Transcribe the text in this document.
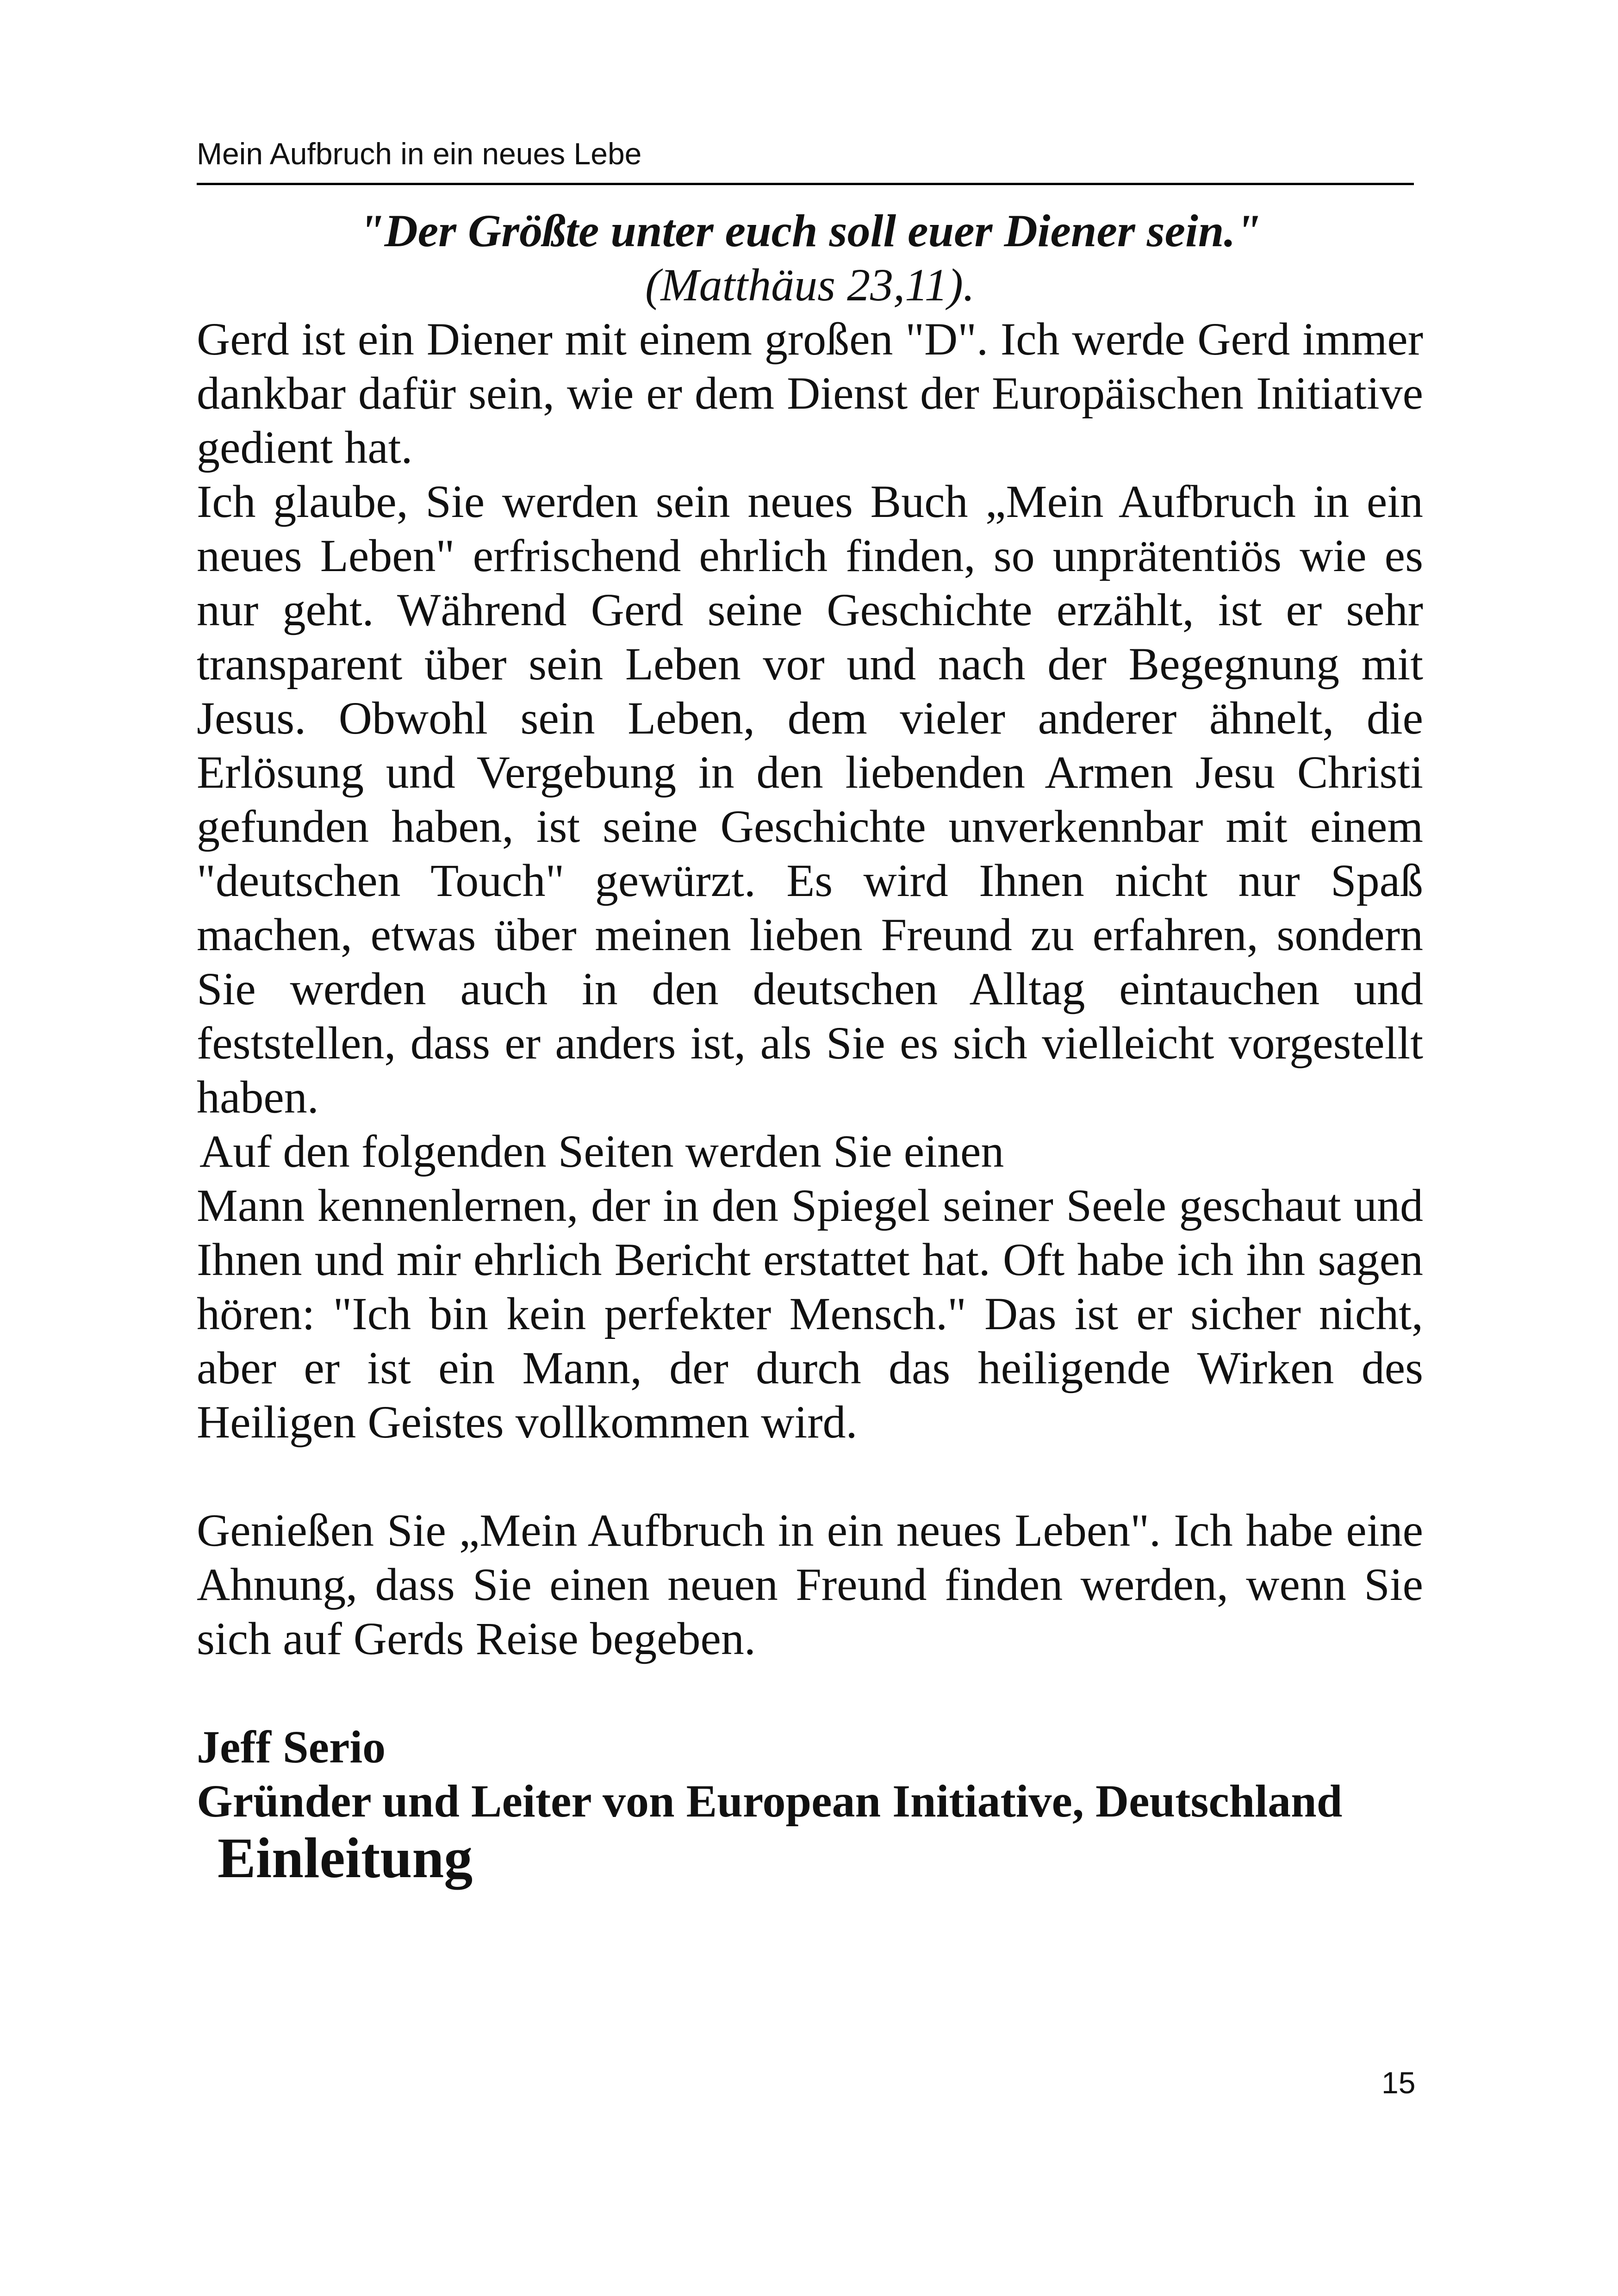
Mein Aufbruch in ein neues Lebe

"Der Größte unter euch soll euer Diener sein."

(Matthäus 23,11).

Gerd ist ein Diener mit einem großen "D". Ich werde Gerd immer dankbar dafür sein, wie er dem Dienst der Europäischen Initiative gedient hat.

Ich glaube, Sie werden sein neues Buch „Mein Aufbruch in ein neues Leben" erfrischend ehrlich finden, so unprätentiös wie es nur geht. Während Gerd seine Geschichte erzählt, ist er sehr transparent über sein Leben vor und nach der Begegnung mit Jesus. Obwohl sein Leben, dem vieler anderer ähnelt, die Erlösung und Vergebung in den liebenden Armen Jesu Christi gefunden haben, ist seine Geschichte unverkennbar mit einem "deutschen Touch" gewürzt. Es wird Ihnen nicht nur Spaß machen, etwas über meinen lieben Freund zu erfahren, sondern Sie werden auch in den deutschen Alltag eintauchen und feststellen, dass er anders ist, als Sie es sich vielleicht vorgestellt haben.

Auf den folgenden Seiten werden Sie einen

Mann kennenlernen, der in den Spiegel seiner Seele geschaut und Ihnen und mir ehrlich Bericht erstattet hat. Oft habe ich ihn sagen hören: "Ich bin kein perfekter Mensch." Das ist er sicher nicht, aber er ist ein Mann, der durch das heiligende Wirken des Heiligen Geistes vollkommen wird.

Genießen Sie „Mein Aufbruch in ein neues Leben". Ich habe eine Ahnung, dass Sie einen neuen Freund finden werden, wenn Sie sich auf Gerds Reise begeben.

Jeff Serio

Gründer und Leiter von European Initiative, Deutschland

Einleitung
15
